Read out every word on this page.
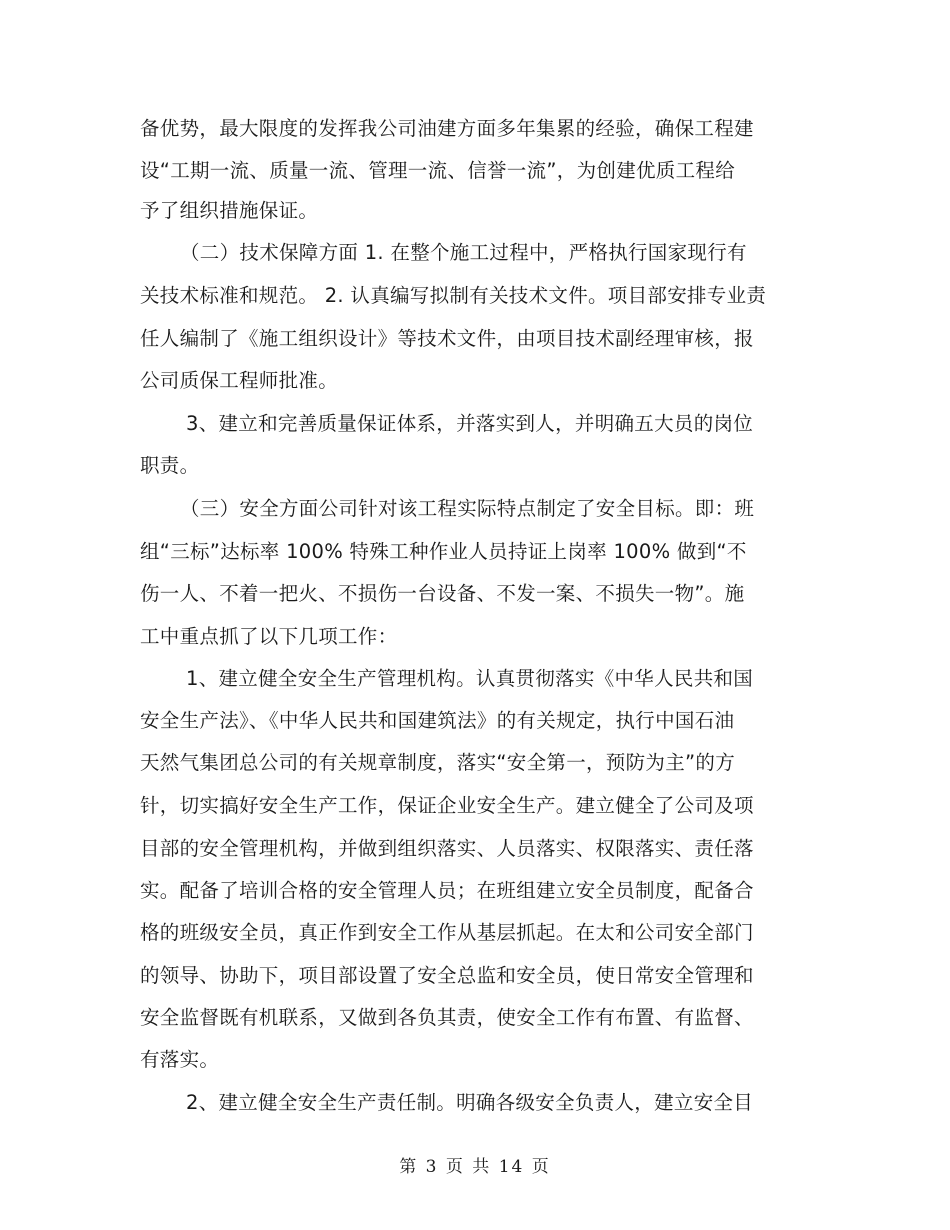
备优势，最大限度的发挥我公司油建方面多年集累的经验，确保工程建
设“工期一流、质量一流、管理一流、信誉一流”，为创建优质工程给
予了组织措施保证。
（二）技术保障方面 1. 在整个施工过程中，严格执行国家现行有
关技术标准和规范。 2. 认真编写拟制有关技术文件。项目部安排专业责
任人编制了《施工组织设计》等技术文件，由项目技术副经理审核，报
公司质保工程师批准。
3、建立和完善质量保证体系，并落实到人，并明确五大员的岗位
职责。
（三）安全方面公司针对该工程实际特点制定了安全目标。即：班
组“三标”达标率 100% 特殊工种作业人员持证上岗率 100% 做到“不
伤一人、不着一把火、不损伤一台设备、不发一案、不损失一物”。施
工中重点抓了以下几项工作：
1、建立健全安全生产管理机构。认真贯彻落实《中华人民共和国
安全生产法》、《中华人民共和国建筑法》的有关规定，执行中国石油
天然气集团总公司的有关规章制度，落实“安全第一，预防为主”的方
针，切实搞好安全生产工作，保证企业安全生产。建立健全了公司及项
目部的安全管理机构，并做到组织落实、人员落实、权限落实、责任落
实。配备了培训合格的安全管理人员；在班组建立安全员制度，配备合
格的班级安全员，真正作到安全工作从基层抓起。在太和公司安全部门
的领导、协助下，项目部设置了安全总监和安全员，使日常安全管理和
安全监督既有机联系，又做到各负其责，使安全工作有布置、有监督、
有落实。
2、建立健全安全生产责任制。明确各级安全负责人，建立安全目
第 3 页 共 14 页
